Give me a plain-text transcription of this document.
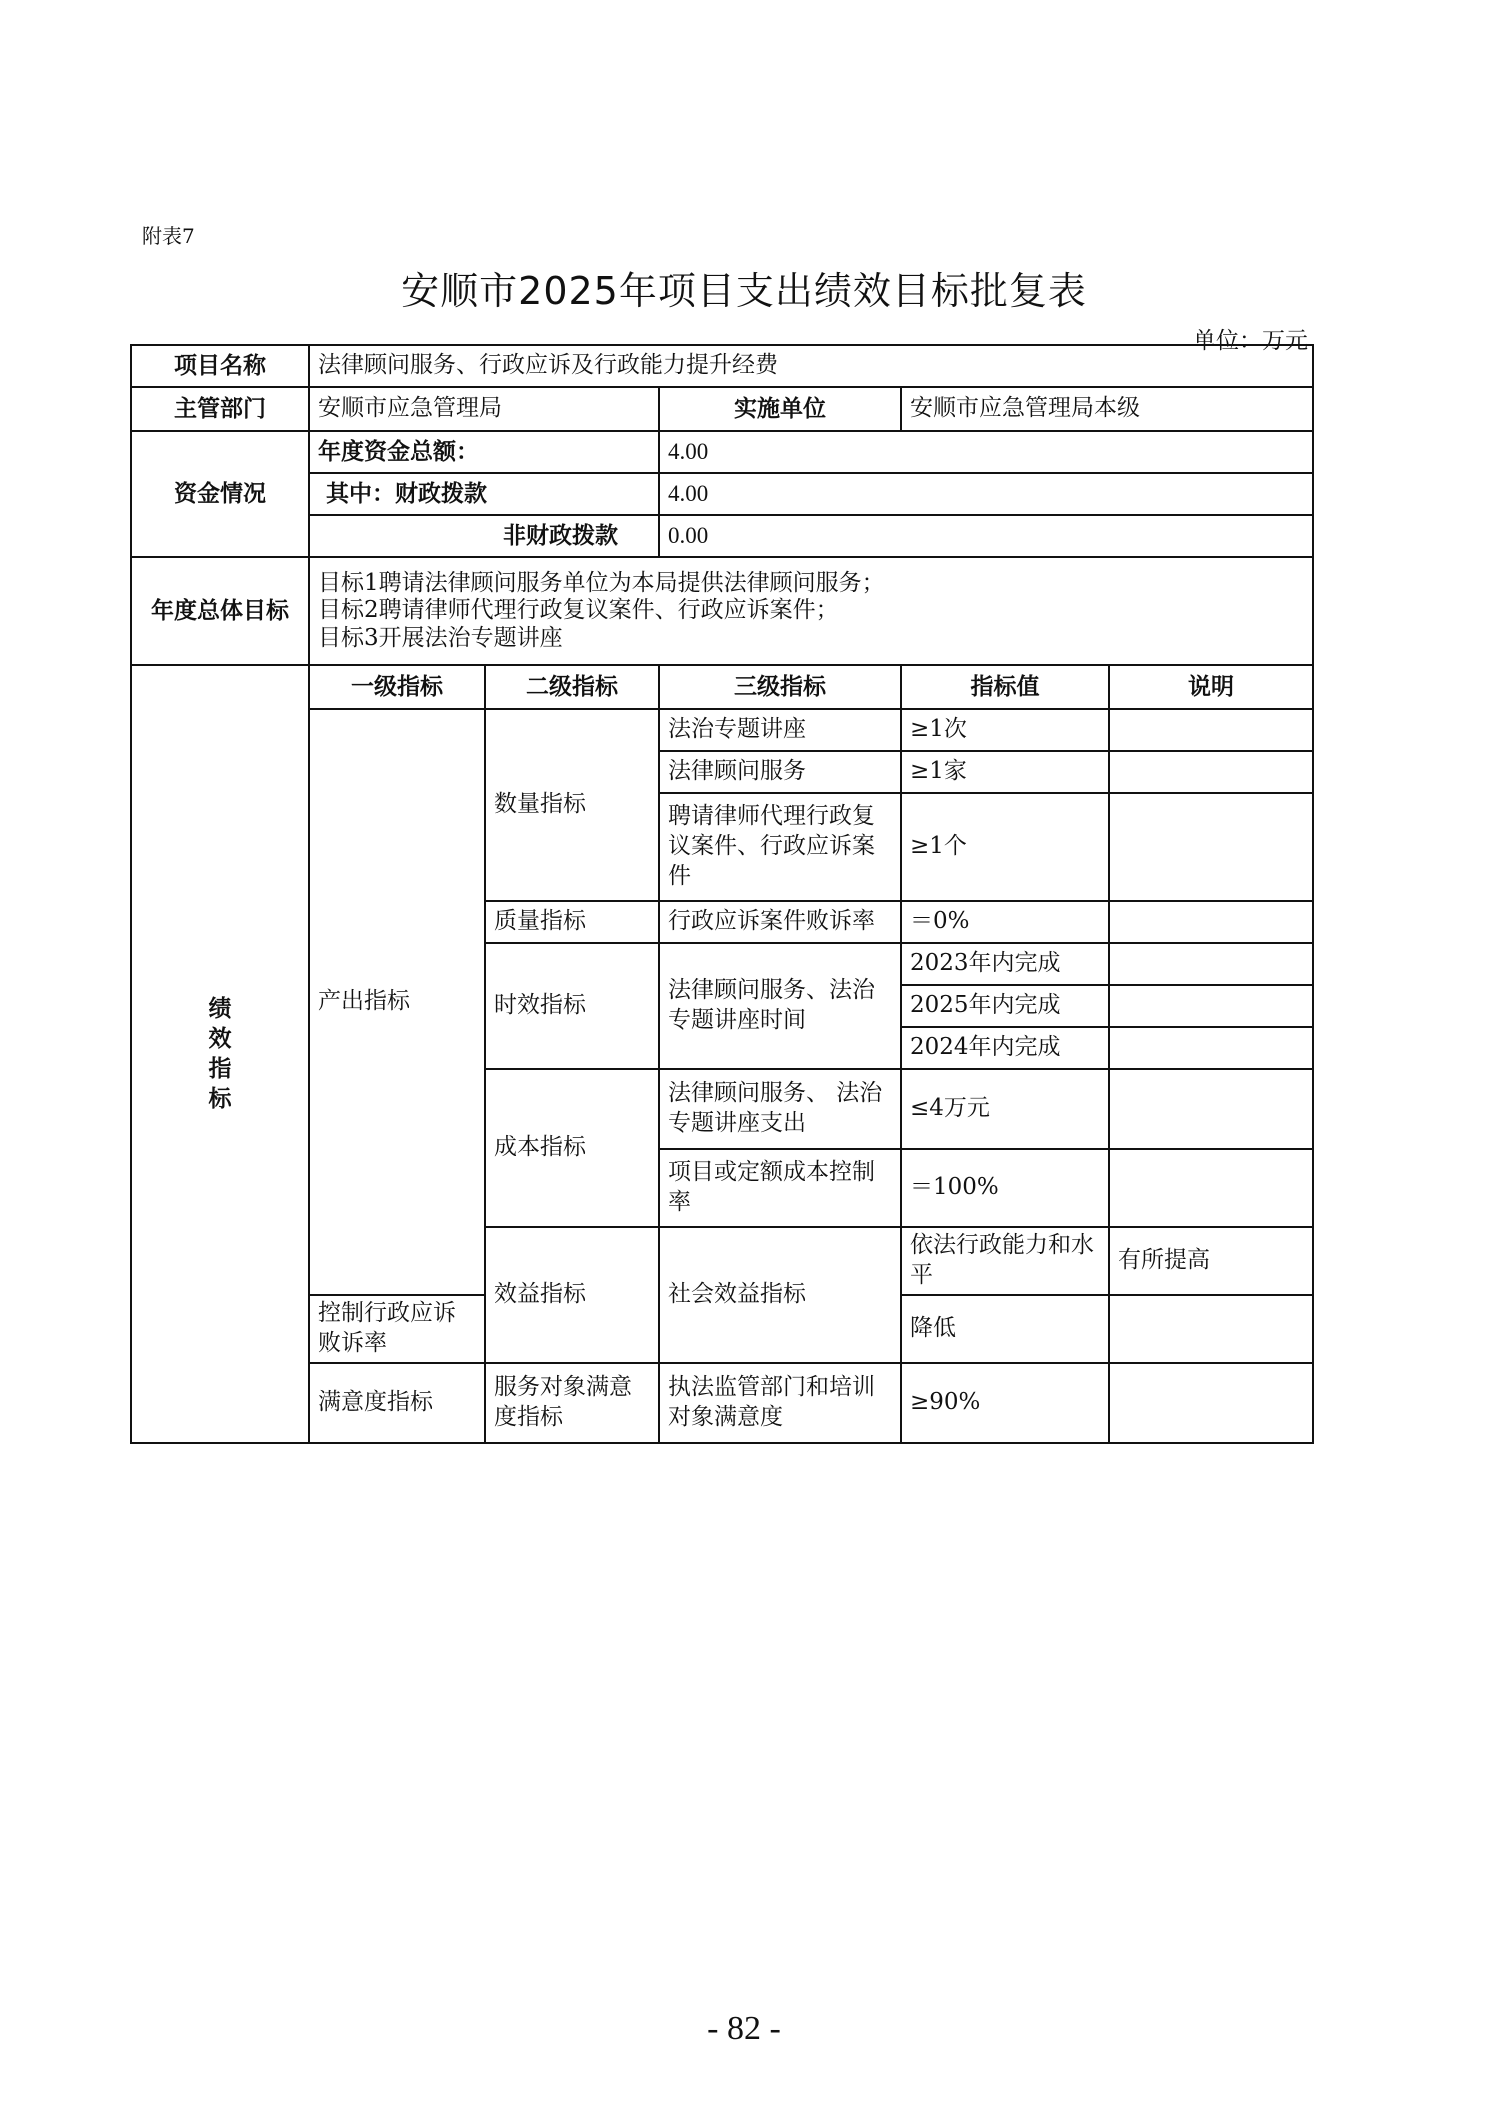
附表7
安顺市2025年项目支出绩效目标批复表
单位：万元
项目名称	法律顾问服务、行政应诉及行政能力提升经费					
主管部门	安顺市应急管理局		实施单位	安顺市应急管理局本级		
资金情况	年度资金总额：		4.00			
	其中：财政拨款		4.00			
	非财政拨款		0.00			
年度总体目标	目标1聘请法律顾问服务单位为本局提供法律顾问服务；
目标2聘请律师代理行政复议案件、行政应诉案件；
目标3开展法治专题讲座					

绩效指标	一级指标	二级指标	三级指标	指标值	说明	
	产出指标	数量指标	法治专题讲座	≥1次		
			法律顾问服务	≥1家		
			聘请律师代理行政复议案件、行政应诉案件	≥1个		
		质量指标	行政应诉案件败诉率	＝0%		
		时效指标	法律顾问服务、法治专题讲座时间	2023年内完成		
				2025年内完成		
				2024年内完成		
		成本指标	法律顾问服务、 法治专题讲座支出	≤4万元		
			项目或定额成本控制率	＝100%		
		效益指标	社会效益指标	依法行政能力和水平	有所提高	
	控制行政应诉败诉率			降低		
	满意度指标	服务对象满意度指标	执法监管部门和培训对象满意度	≥90%		
- 82 -
